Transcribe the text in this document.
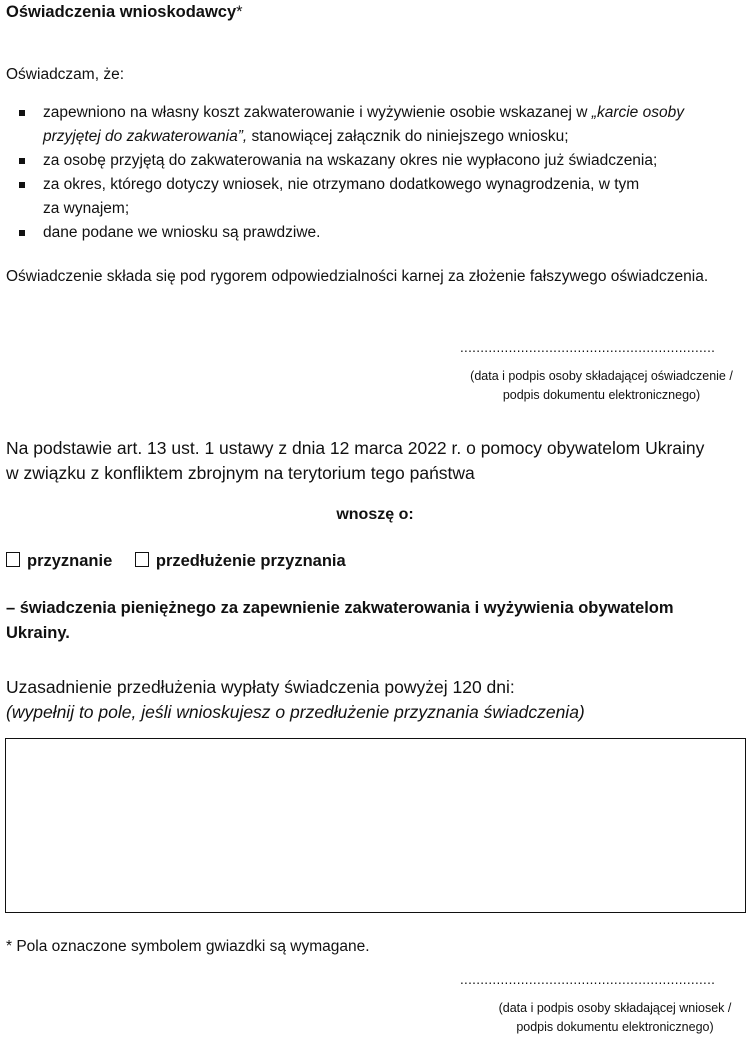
Oświadczenia wnioskodawcy*
Oświadczam, że:
zapewniono na własny koszt zakwaterowanie i wyżywienie osobie wskazanej w „karcie osoby przyjętej do zakwaterowania”, stanowiącej załącznik do niniejszego wniosku;
za osobę przyjętą do zakwaterowania na wskazany okres nie wypłacono już świadczenia;
za okres, którego dotyczy wniosek, nie otrzymano dodatkowego wynagrodzenia, w tym
za wynajem;
dane podane we wniosku są prawdziwe.
Oświadczenie składa się pod rygorem odpowiedzialności karnej za złożenie fałszywego oświadczenia.
...............................................................
(data i podpis osoby składającej oświadczenie /
podpis dokumentu elektronicznego)
Na podstawie art. 13 ust. 1 ustawy z dnia 12 marca 2022 r. o pomocy obywatelom Ukrainy
w związku z konfliktem zbrojnym na terytorium tego państwa
wnoszę o:
przyznanie	przedłużenie przyznania
– świadczenia pieniężnego za zapewnienie zakwaterowania i wyżywienia obywatelom
Ukrainy.
Uzasadnienie przedłużenia wypłaty świadczenia powyżej 120 dni:
(wypełnij to pole, jeśli wnioskujesz o przedłużenie przyznania świadczenia)
* Pola oznaczone symbolem gwiazdki są wymagane.
...............................................................
(data i podpis osoby składającej wniosek /
podpis dokumentu elektronicznego)
